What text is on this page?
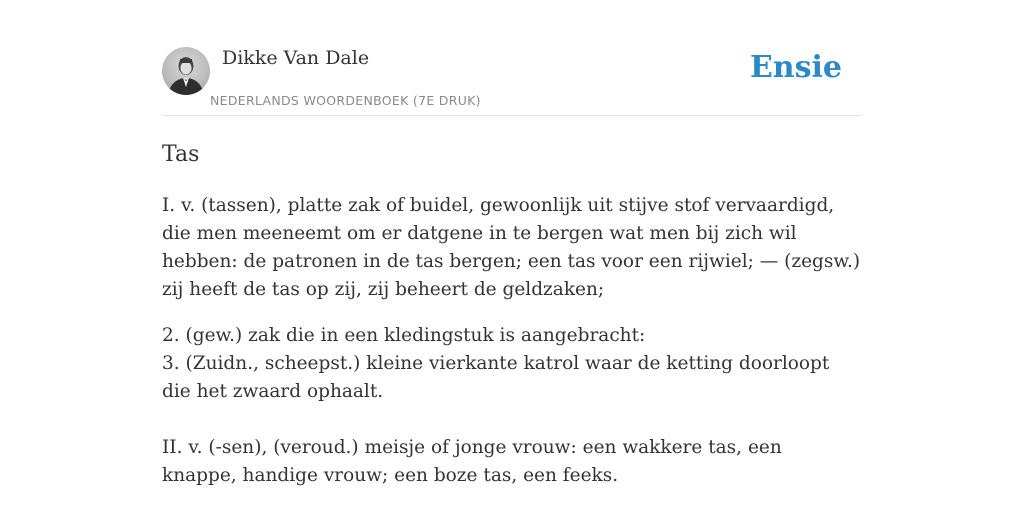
Dikke Van Dale
NEDERLANDS WOORDENBOEK (7E DRUK)
Ensie
Tas

I. v. (tassen), platte zak of buidel, gewoonlijk uit stijve stof vervaardigd, die men meeneemt om er datgene in te bergen wat men bij zich wil hebben: de patronen in de tas bergen; een tas voor een rijwiel; — (zegsw.) zij heeft de tas op zij, zij beheert de geldzaken;

2. (gew.) zak die in een kledingstuk is aangebracht:

3. (Zuidn., scheepst.) kleine vierkante katrol waar de ketting doorloopt die het zwaard ophaalt.

II. v. (-sen), (veroud.) meisje of jonge vrouw: een wakkere tas, een knappe, handige vrouw; een boze tas, een feeks.
